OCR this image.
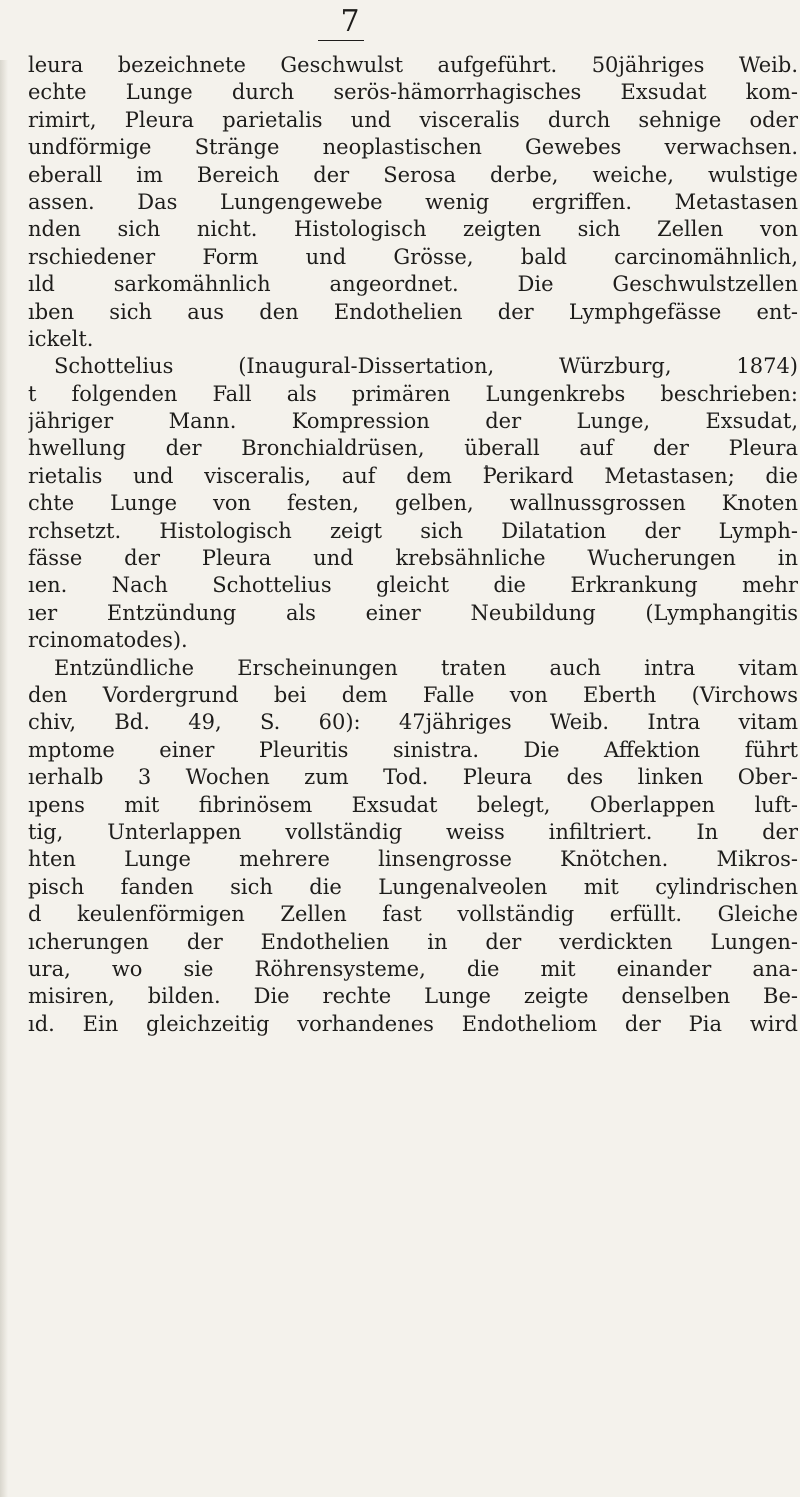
7
leura bezeichnete Geschwulst aufgeführt. 50jähriges Weib.
echte Lunge durch serös-hämorrhagisches Exsudat kom-
rimirt, Pleura parietalis und visceralis durch sehnige oder
undförmige Stränge neoplastischen Gewebes verwachsen.
eberall im Bereich der Serosa derbe, weiche, wulstige
assen. Das Lungengewebe wenig ergriffen. Metastasen
nden sich nicht. Histologisch zeigten sich Zellen von
rschiedener Form und Grösse, bald carcinomähnlich,
ıld sarkomähnlich angeordnet. Die Geschwulstzellen
ıben sich aus den Endothelien der Lymphgefässe ent-
ickelt.
Schottelius (Inaugural-Dissertation, Würzburg, 1874)
t folgenden Fall als primären Lungenkrebs beschrieben:
jähriger Mann. Kompression der Lunge, Exsudat,
hwellung der Bronchialdrüsen, überall auf der Pleura
rietalis und visceralis, auf dem Perikard Metastasen; die
chte Lunge von festen, gelben, wallnussgrossen Knoten
rchsetzt. Histologisch zeigt sich Dilatation der Lymph-
fässe der Pleura und krebsähnliche Wucherungen in
ıen. Nach Schottelius gleicht die Erkrankung mehr
ıer Entzündung als einer Neubildung (Lymphangitis
rcinomatodes).
Entzündliche Erscheinungen traten auch intra vitam
den Vordergrund bei dem Falle von Eberth (Virchows
chiv, Bd. 49, S. 60): 47jähriges Weib. Intra vitam
mptome einer Pleuritis sinistra. Die Affektion führt
ıerhalb 3 Wochen zum Tod. Pleura des linken Ober-
ıpens mit fibrinösem Exsudat belegt, Oberlappen luft-
tig, Unterlappen vollständig weiss infiltriert. In der
hten Lunge mehrere linsengrosse Knötchen. Mikros-
pisch fanden sich die Lungenalveolen mit cylindrischen
d keulenförmigen Zellen fast vollständig erfüllt. Gleiche
ıcherungen der Endothelien in der verdickten Lungen-
ura, wo sie Röhrensysteme, die mit einander ana-
misiren, bilden. Die rechte Lunge zeigte denselben Be-
ıd. Ein gleichzeitig vorhandenes Endotheliom der Pia wird
